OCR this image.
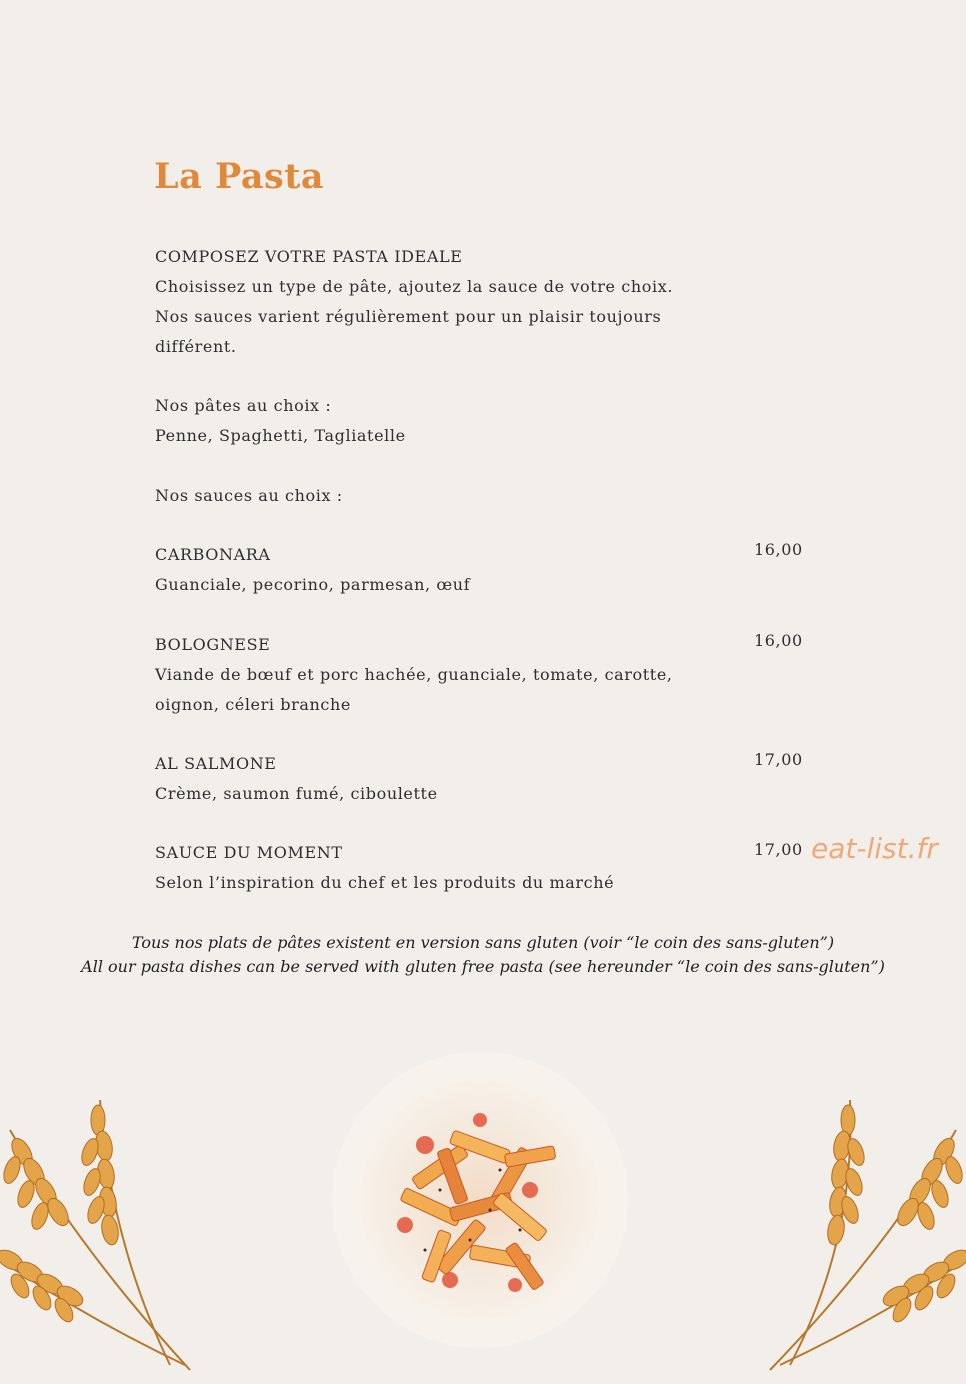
La Pasta
COMPOSEZ VOTRE PASTA IDEALE
Choisissez un type de pâte, ajoutez la sauce de votre choix.
Nos sauces varient régulièrement pour un plaisir toujours
différent.
Nos pâtes au choix :
Penne, Spaghetti, Tagliatelle
Nos sauces au choix :
CARBONARA	16,00
Guanciale, pecorino, parmesan, œuf
BOLOGNESE	16,00
Viande de bœuf et porc hachée, guanciale, tomate, carotte,
oignon, céleri branche
AL SALMONE	17,00
Crème, saumon fumé, ciboulette
SAUCE DU MOMENT	17,00
Selon l’inspiration du chef et les produits du marché
eat-list.fr
Tous nos plats de pâtes existent en version sans gluten (voir “le coin des sans-gluten”)
All our pasta dishes can be served with gluten free pasta (see hereunder “le coin des sans-gluten”)
